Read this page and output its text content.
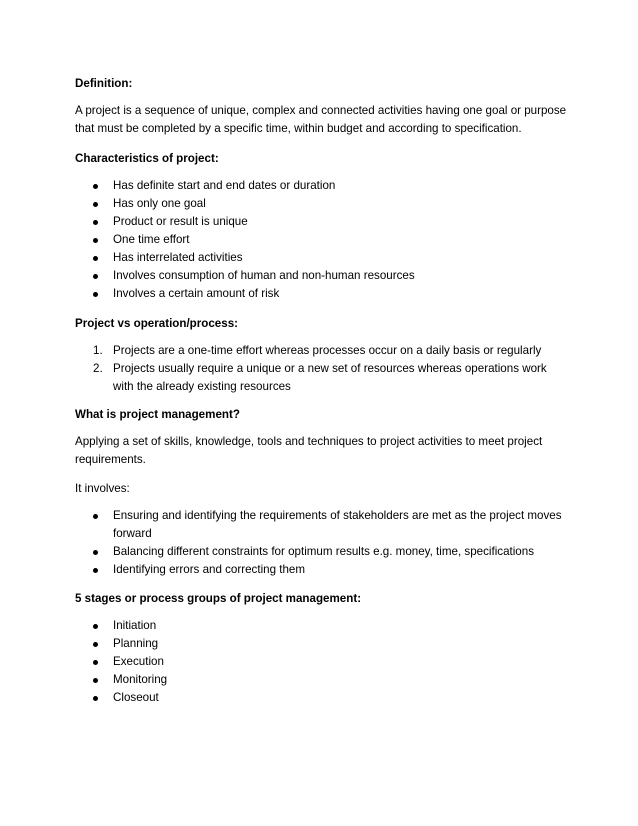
Definition:

A project is a sequence of unique, complex and connected activities having one goal or purpose

that must be completed by a specific time, within budget and according to specification.

Characteristics of project:

Has definite start and end dates or duration
Has only one goal
Product or result is unique
One time effort
Has interrelated activities
Involves consumption of human and non-human resources
Involves a certain amount of risk

Project vs operation/process:

1. Projects are a one-time effort whereas processes occur on a daily basis or regularly
2. Projects usually require a unique or a new set of resources whereas operations work
with the already existing resources

What is project management?

Applying a set of skills, knowledge, tools and techniques to project activities to meet project

requirements.

It involves:

Ensuring and identifying the requirements of stakeholders are met as the project moves
forward
Balancing different constraints for optimum results e.g. money, time, specifications
Identifying errors and correcting them

5 stages or process groups of project management:

Initiation
Planning
Execution
Monitoring
Closeout
